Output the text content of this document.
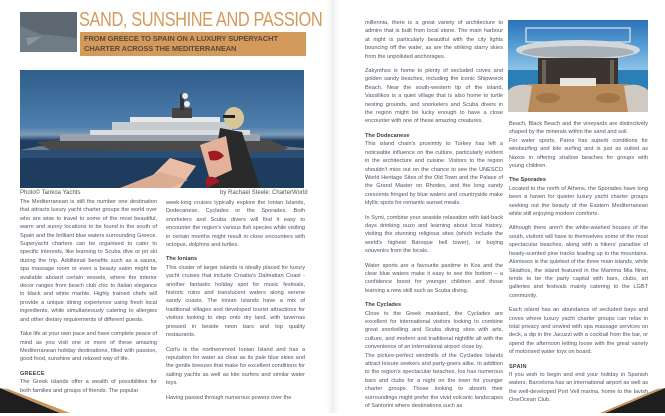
SAND, SUNSHINE AND PASSION
FROM GREECE TO SPAIN ON A LUXURY SUPERYACHT
CHARTER ACROSS THE MEDITERRANEAN
Photo© Tankoa Yachts	by Rachael Steele: CharterWorld

The Mediterranean is still the number one destination that attracts luxury yacht charter groups the world over who are wise to travel to some of the most beautiful, warm and sunny locations to be found in the south of Spain and the brilliant blue waters surrounding Greece. Superyacht charters can be organised to cater to specific interests, like learning to Scuba dive or jet ski during the trip. Additional benefits such as a sauna, spa massage room or even a beauty salon might be available aboard certain vessels, where the interior decor ranges from beach club chic to Italian elegance in black and white marble. Highly trained chefs will provide a unique dining experience using fresh local ingredients, while simultaneously catering to allergies and other dietary requirements of different guests.

Take life at your own pace and have complete peace of mind as you visit one or more of these amazing Mediterranean holiday destinations, filled with passion, good food, sunshine and relaxed way of life.

GREECE

The Greek islands offer a wealth of possibilities for both families and groups of friends. The popular

week-long cruises typically explore the Ionian Islands, Dodecanese, Cyclades or the Sporades. Both snorkelers and Scuba divers will find it easy to encounter the region's various fish species while visiting in certain months might result in close encounters with octopus, dolphins and turtles.

The Ionians

This cluster of larger islands is ideally placed for luxury yacht cruises that include Croatia's Dalmatian Coast - another fantastic holiday spot for music festivals, historic ruins and translucent waters along serene sandy coasts. The Ionian Islands have a mix of traditional villages and developed tourist attractions for visitors looking to step onto dry land, with tavernas pressed in beside neon bars and top quality restaurants.

Corfu is the northernmost Ionian Island and has a reputation for water as clear as its pale blue skies and the gentle breezes that make for excellent conditions for sailing yachts as well as kite surfers and similar water toys.

Having passed through numerous powers over the

millennia, there is a great variety of architecture to admire that is built from local stone. The main harbour at night is particularly beautiful with the city lights bouncing off the water, as are the striking starry skies from the unpolluted anchorages.

Zakynthos is home to plenty of secluded coves and golden sandy beaches, including the iconic Shipwreck Beach. Near the south-western tip of the island, Vassilikos is a quiet village that is also home to turtle nesting grounds, and snorkelers and Scuba divers in the region might be lucky enough to have a close encounter with one of these amazing creatures.

The Dodecanese

This island chain's proximity to Turkey has left a noticeable influence on the culture, particularly evident in the architecture and cuisine. Visitors to the region shouldn't miss out on the chance to see the UNESCO World Heritage Sites of the Old Town and the Palace of the Grand Master on Rhodes, and the long sandy crescents fringed by blue waters and countryside make idyllic spots for romantic sunset meals.

In Symi, combine your seaside relaxation with laid-back days drinking ouzo and learning about local history, visiting the stunning religious sites (which include the world's highest Baroque bell tower), or buying souvenirs from the locals.

Water sports are a favourite pastime in Kos and the clear blue waters make it easy to see the bottom – a confidence boost for younger children and those learning a new skill such as Scuba diving.

The Cyclades

Close to the Greek mainland, the Cyclades are excellent for international visitors looking to combine great snorkelling and Scuba diving sites with arts, culture, and modern and traditional nightlife all with the convenience of an international airport close by.

The picture-perfect windmills of the Cyclades Islands attract leisure seekers and party-goers alike. In addition to the region's spectacular beaches, Ios has numerous bars and clubs for a night on the town for younger charter groups. Those looking to absorb their surroundings might prefer the vivid volcanic landscapes of Santorini where destinations such as

Beach, Black Beach and the vineyards are distinctively shaped by the minerals within the sand and soil.

For water sports, Paros has superb conditions for windsurfing and kite surfing and is just as suited as Naxos in offering shallow beaches for groups with young children.

The Sporades

Located to the north of Athens, the Sporades have long been a haven for quieter luxury yacht charter groups seeking out the beauty of the Eastern Mediterranean while still enjoying modern comforts.

Although there aren't the white-washed houses of the south, visitors will have to themselves some of the most spectacular beaches, along with a hikers' paradise of heady-scented pine tracks leading up to the mountains. Alonissos is the quietest of the three main islands, while Skiathos, the island featured in the Mamma Mia films, tends to be the party capital with bars, clubs, art galleries and festivals mainly catering to the LGBT community.

Each island has an abundance of secluded bays and coves where luxury yacht charter groups can relax in total privacy and unwind with spa massage services on deck, a dip in the Jacuzzi with a cocktail from the bar, or spend the afternoon letting loose with the great variety of motorised water toys on board.

SPAIN

If you wish to begin and end your holiday in Spanish waters, Barcelona has an international airport as well as the well-developed Port Vell marina, home to the lavish OneOcean Club.
